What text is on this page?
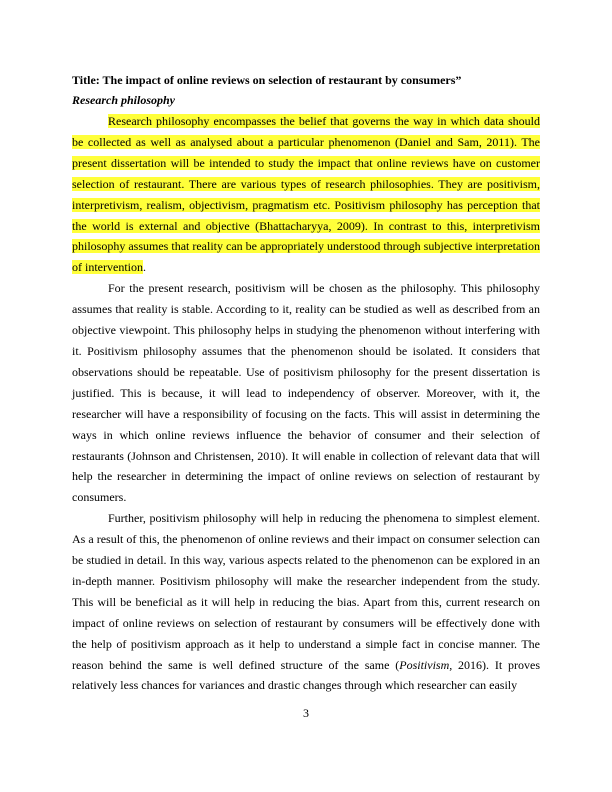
Title: The impact of online reviews on selection of restaurant by consumers”

Research philosophy

Research philosophy encompasses the belief that governs the way in which data should be collected as well as analysed about a particular phenomenon (Daniel and Sam, 2011). The present dissertation will be intended to study the impact that online reviews have on customer selection of restaurant. There are various types of research philosophies. They are positivism, interpretivism, realism, objectivism, pragmatism etc. Positivism philosophy has perception that the world is external and objective (Bhattacharyya, 2009). In contrast to this, interpretivism philosophy assumes that reality can be appropriately understood through subjective interpretation of intervention.

For the present research, positivism will be chosen as the philosophy. This philosophy assumes that reality is stable. According to it, reality can be studied as well as described from an objective viewpoint. This philosophy helps in studying the phenomenon without interfering with it. Positivism philosophy assumes that the phenomenon should be isolated. It considers that observations should be repeatable. Use of positivism philosophy for the present dissertation is justified. This is because, it will lead to independency of observer. Moreover, with it, the researcher will have a responsibility of focusing on the facts. This will assist in determining the ways in which online reviews influence the behavior of consumer and their selection of restaurants (Johnson and Christensen, 2010). It will enable in collection of relevant data that will help the researcher in determining the impact of online reviews on selection of restaurant by consumers.

Further, positivism philosophy will help in reducing the phenomena to simplest element. As a result of this, the phenomenon of online reviews and their impact on consumer selection can be studied in detail. In this way, various aspects related to the phenomenon can be explored in an in-depth manner. Positivism philosophy will make the researcher independent from the study. This will be beneficial as it will help in reducing the bias. Apart from this, current research on impact of online reviews on selection of restaurant by consumers will be effectively done with the help of positivism approach as it help to understand a simple fact in concise manner. The reason behind the same is well defined structure of the same (Positivism, 2016). It proves relatively less chances for variances and drastic changes through which researcher can easily

3
